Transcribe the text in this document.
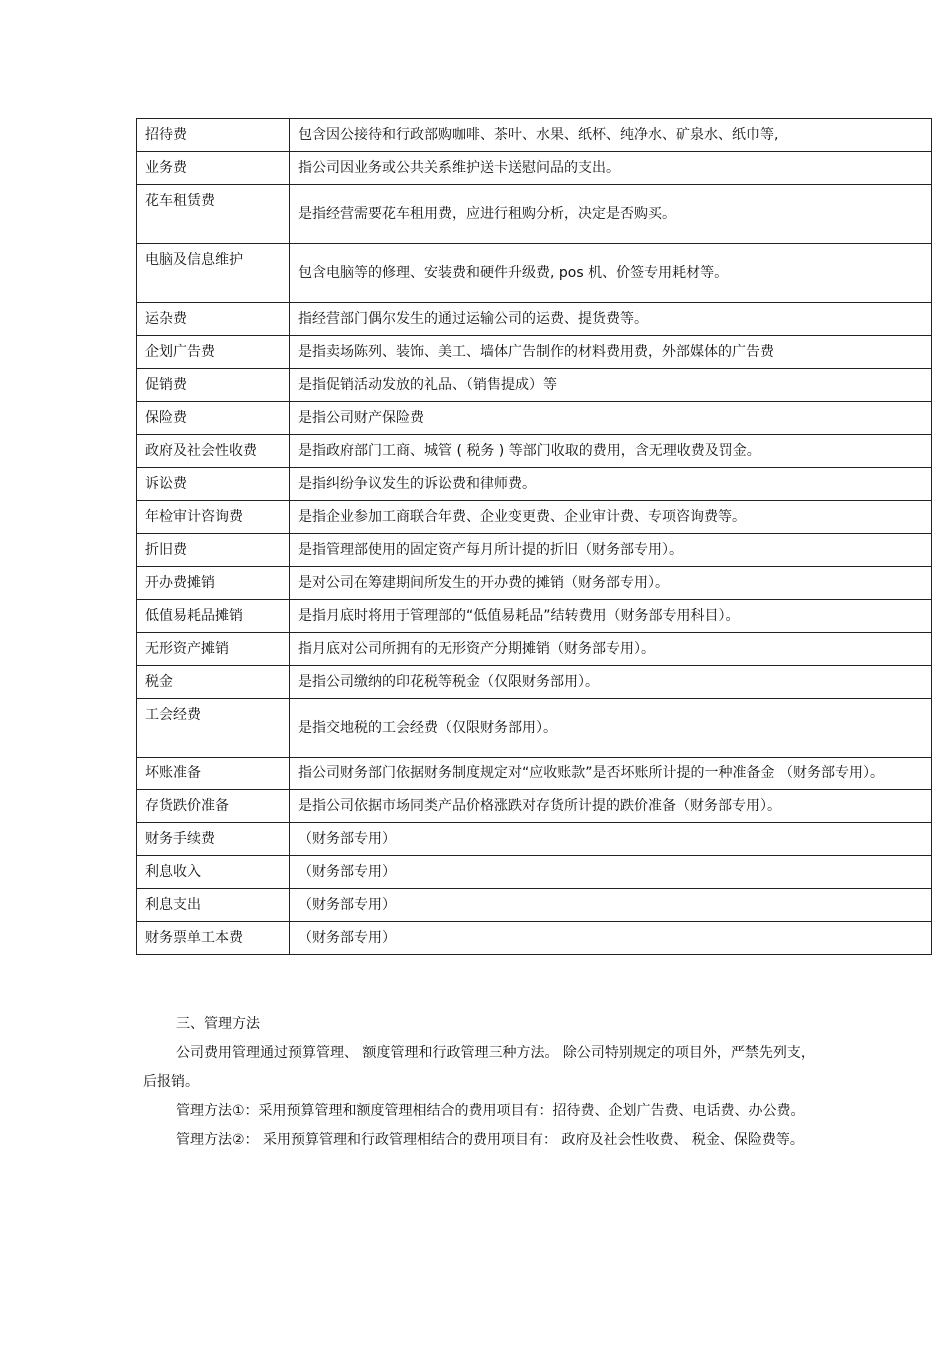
招待费	包含因公接待和行政部购咖啡、茶叶、水果、纸杯、纯净水、矿泉水、纸巾等,
业务费	指公司因业务或公共关系维护送卡送慰问品的支出。
花车租赁费	是指经营需要花车租用费，应进行租购分析，决定是否购买。
电脑及信息维护	包含电脑等的修理、安装费和硬件升级费, pos 机、价签专用耗材等。
运杂费	指经营部门偶尔发生的通过运输公司的运费、提货费等。
企划广告费	是指卖场陈列、装饰、美工、墙体广告制作的材料费用费，外部媒体的广告费
促销费	是指促销活动发放的礼品、（销售提成）等
保险费	是指公司财产保险费
政府及社会性收费	是指政府部门工商、城管 ( 税务 ) 等部门收取的费用，含无理收费及罚金。
诉讼费	是指纠纷争议发生的诉讼费和律师费。
年检审计咨询费	是指企业参加工商联合年费、企业变更费、企业审计费、专项咨询费等。
折旧费	是指管理部使用的固定资产每月所计提的折旧（财务部专用）。
开办费摊销	是对公司在筹建期间所发生的开办费的摊销（财务部专用）。
低值易耗品摊销	是指月底时将用于管理部的“低值易耗品”结转费用（财务部专用科目）。
无形资产摊销	指月底对公司所拥有的无形资产分期摊销（财务部专用）。
税金	是指公司缴纳的印花税等税金（仅限财务部用）。
工会经费	是指交地税的工会经费（仅限财务部用）。
坏账准备	指公司财务部门依据财务制度规定对“应收账款”是否坏账所计提的一种准备金 （财务部专用）。
存货跌价准备	是指公司依据市场同类产品价格涨跌对存货所计提的跌价准备（财务部专用）。
财务手续费	（财务部专用）
利息收入	（财务部专用）
利息支出	（财务部专用）
财务票单工本费	（财务部专用）

三、管理方法

公司费用管理通过预算管理、 额度管理和行政管理三种方法。 除公司特别规定的项目外，严禁先列支，后报销。

管理方法①：采用预算管理和额度管理相结合的费用项目有：招待费、企划广告费、电话费、办公费。

管理方法②： 采用预算管理和行政管理相结合的费用项目有： 政府及社会性收费、 税金、保险费等。
